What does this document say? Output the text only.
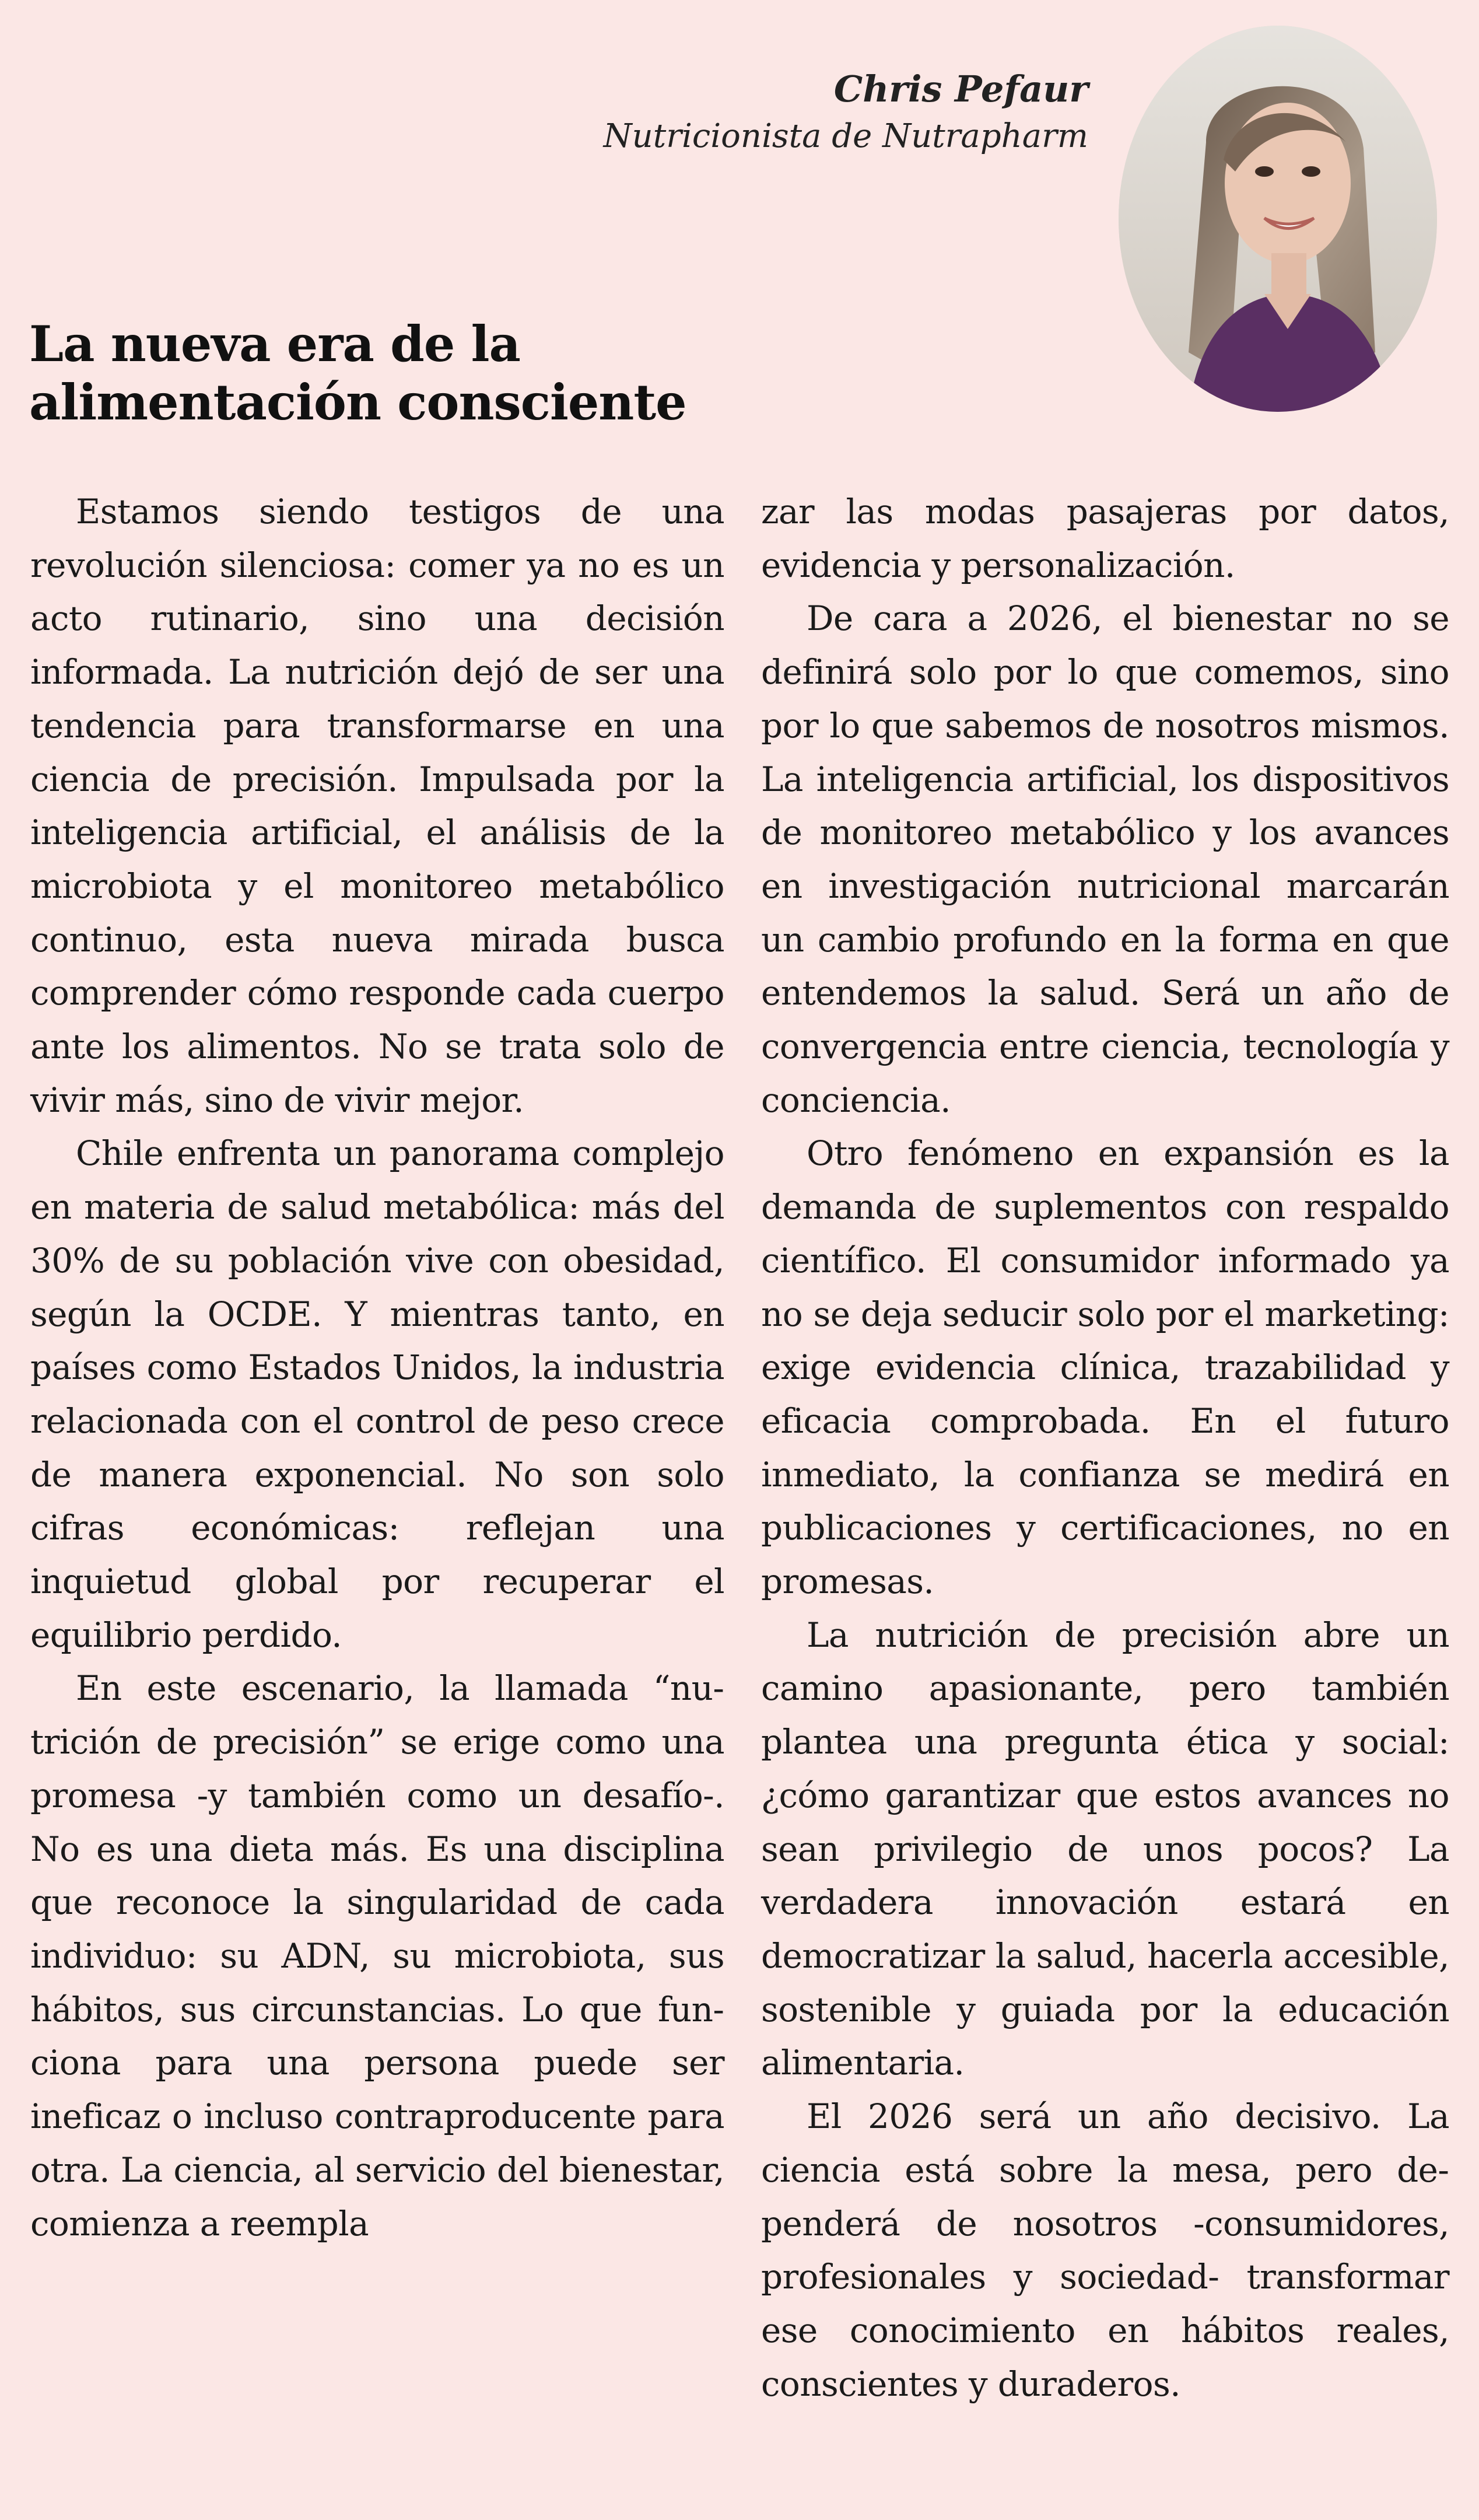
Chris Pefaur
Nutricionista de Nutrapharm
La nueva era de la
alimentación consciente

Estamos siendo testigos de una revolución silenciosa: comer ya no es un acto rutinario, sino una decisión informada. La nutrición dejó de ser una tendencia para transformarse en una ciencia de precisión. Impulsada por la inteligencia artificial, el análisis de la microbiota y el monitoreo metabólico continuo, esta nueva mirada busca comprender cómo responde cada cuerpo ante los alimentos. No se trata solo de vivir más, sino de vivir mejor.

Chile enfrenta un panorama complejo en materia de salud metabólica: más del 30% de su población vive con obesidad, según la OCDE. Y mientras tanto, en países como Estados Unidos, la industria relacionada con el control de peso crece de manera exponencial. No son solo cifras económicas: reflejan una inquietud global por recuperar el equilibrio perdido.

En este escenario, la llamada “nutrición de precisión” se erige como una promesa -y también como un desafío-. No es una dieta más. Es una disciplina que reconoce la singularidad de cada individuo: su ADN, su microbiota, sus hábitos, sus circunstancias. Lo que funciona para una persona puede ser ineficaz o incluso contraproducente para otra. La ciencia, al servicio del bienestar, comienza a reempla

zar las modas pasajeras por datos, evidencia y personalización.

De cara a 2026, el bienestar no se definirá solo por lo que comemos, sino por lo que sabemos de nosotros mismos. La inteligencia artificial, los dispositivos de monitoreo metabólico y los avances en investigación nutricional marcarán un cambio profundo en la forma en que entendemos la salud. Será un año de convergencia entre ciencia, tecnología y conciencia.

Otro fenómeno en expansión es la demanda de suplementos con respaldo científico. El consumidor informado ya no se deja seducir solo por el marketing: exige evidencia clínica, trazabilidad y eficacia comprobada. En el futuro inmediato, la confianza se medirá en publicaciones y certificaciones, no en promesas.

La nutrición de precisión abre un camino apasionante, pero también plantea una pregunta ética y social: ¿cómo garantizar que estos avances no sean privilegio de unos pocos? La verdadera innovación estará en democratizar la salud, hacerla accesible, sostenible y guiada por la educación alimentaria.

El 2026 será un año decisivo. La ciencia está sobre la mesa, pero dependerá de nosotros -consumidores, profesionales y sociedad- transformar ese conocimiento en hábitos reales, conscientes y duraderos.
